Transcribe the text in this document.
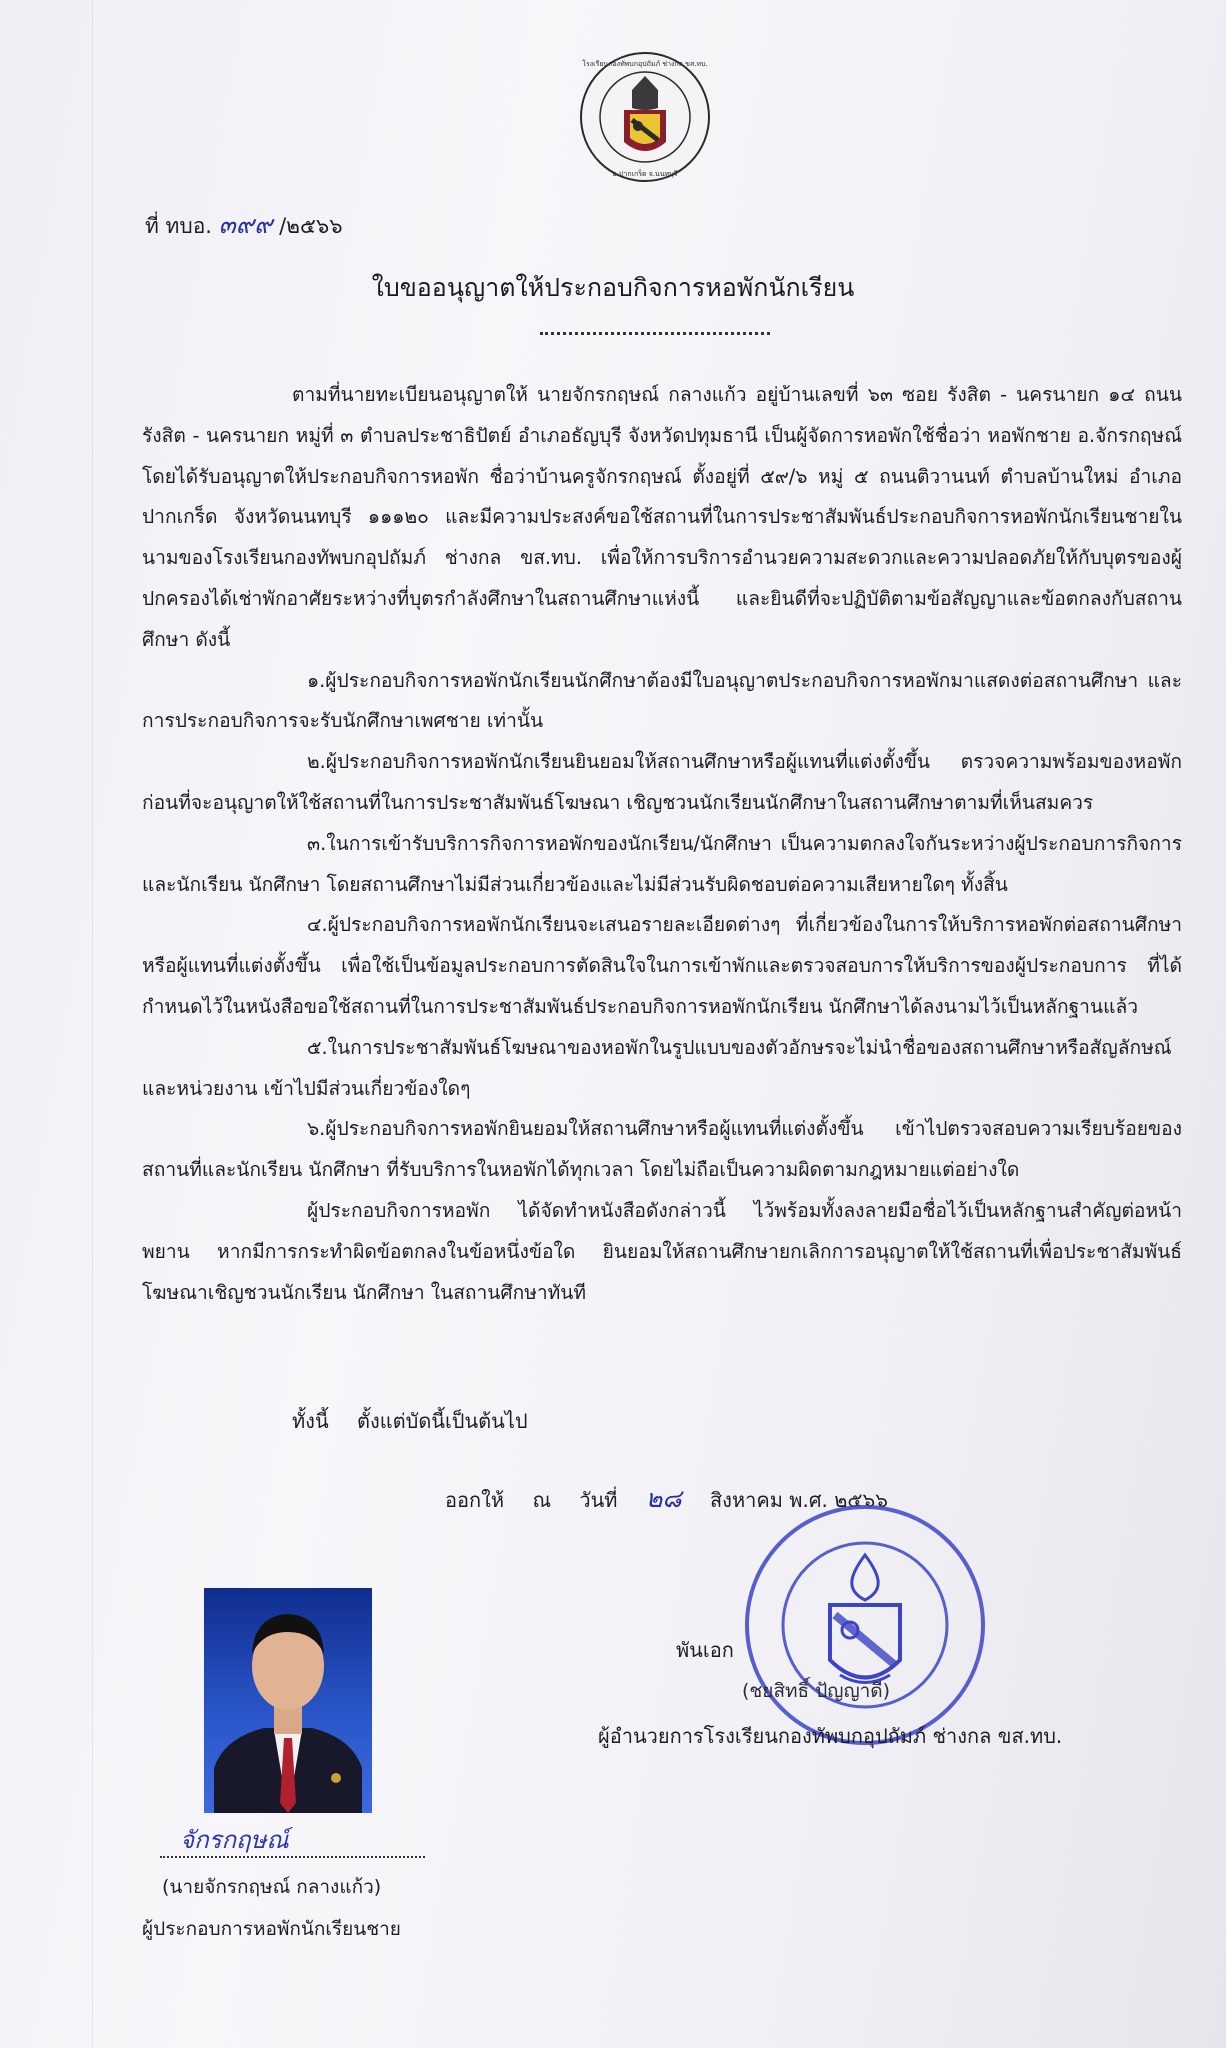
โรงเรียนกองทัพบกอุปถัมภ์ ช่างกล ขส.ทบ.
อ.ปากเกร็ด จ.นนทบุรี
ที่ ทบอ. ๓๙๙ /๒๕๖๖
ใบขออนุญาตให้ประกอบกิจการหอพักนักเรียน

ตามที่นายทะเบียนอนุญาตให้ นายจักรกฤษณ์ กลางแก้ว อยู่บ้านเลขที่ ๖๓ ซอย รังสิต - นครนายก ๑๔ ถนน รังสิต - นครนายก หมู่ที่ ๓ ตำบลประชาธิปัตย์ อำเภอธัญบุรี จังหวัดปทุมธานี เป็นผู้จัดการหอพักใช้ชื่อว่า หอพักชาย อ.จักรกฤษณ์ โดยได้รับอนุญาตให้ประกอบกิจการหอพัก ชื่อว่าบ้านครูจักรกฤษณ์ ตั้งอยู่ที่ ๕๙/๖ หมู่ ๕ ถนนติวานนท์ ตำบลบ้านใหม่ อำเภอปากเกร็ด จังหวัดนนทบุรี ๑๑๑๒๐ และมีความประสงค์ขอใช้สถานที่ในการประชาสัมพันธ์ประกอบกิจการหอพักนักเรียนชายในนามของโรงเรียนกองทัพบกอุปถัมภ์ ช่างกล ขส.ทบ. เพื่อให้การบริการอำนวยความสะดวกและความปลอดภัยให้กับบุตรของผู้ปกครองได้เช่าพักอาศัยระหว่างที่บุตรกำลังศึกษาในสถานศึกษาแห่งนี้ และยินดีที่จะปฏิบัติตามข้อสัญญาและข้อตกลงกับสถานศึกษา ดังนี้

๑.ผู้ประกอบกิจการหอพักนักเรียนนักศึกษาต้องมีใบอนุญาตประกอบกิจการหอพักมาแสดงต่อสถานศึกษา และการประกอบกิจการจะรับนักศึกษาเพศชาย เท่านั้น

๒.ผู้ประกอบกิจการหอพักนักเรียนยินยอมให้สถานศึกษาหรือผู้แทนที่แต่งตั้งขึ้น ตรวจความพร้อมของหอพักก่อนที่จะอนุญาตให้ใช้สถานที่ในการประชาสัมพันธ์โฆษณา เชิญชวนนักเรียนนักศึกษาในสถานศึกษาตามที่เห็นสมควร

๓.ในการเข้ารับบริการกิจการหอพักของนักเรียน/นักศึกษา เป็นความตกลงใจกันระหว่างผู้ประกอบการกิจการและนักเรียน นักศึกษา โดยสถานศึกษาไม่มีส่วนเกี่ยวข้องและไม่มีส่วนรับผิดชอบต่อความเสียหายใดๆ ทั้งสิ้น

๔.ผู้ประกอบกิจการหอพักนักเรียนจะเสนอรายละเอียดต่างๆ ที่เกี่ยวข้องในการให้บริการหอพักต่อสถานศึกษาหรือผู้แทนที่แต่งตั้งขึ้น เพื่อใช้เป็นข้อมูลประกอบการตัดสินใจในการเข้าพักและตรวจสอบการให้บริการของผู้ประกอบการ ที่ได้กำหนดไว้ในหนังสือขอใช้สถานที่ในการประชาสัมพันธ์ประกอบกิจการหอพักนักเรียน นักศึกษาได้ลงนามไว้เป็นหลักฐานแล้ว

๕.ในการประชาสัมพันธ์โฆษณาของหอพักในรูปแบบของตัวอักษรจะไม่นำชื่อของสถานศึกษาหรือสัญลักษณ์และหน่วยงาน เข้าไปมีส่วนเกี่ยวข้องใดๆ

๖.ผู้ประกอบกิจการหอพักยินยอมให้สถานศึกษาหรือผู้แทนที่แต่งตั้งขึ้น เข้าไปตรวจสอบความเรียบร้อยของสถานที่และนักเรียน นักศึกษา ที่รับบริการในหอพักได้ทุกเวลา โดยไม่ถือเป็นความผิดตามกฎหมายแต่อย่างใด

ผู้ประกอบกิจการหอพัก ได้จัดทำหนังสือดังกล่าวนี้ ไว้พร้อมทั้งลงลายมือชื่อไว้เป็นหลักฐานสำคัญต่อหน้าพยาน หากมีการกระทำผิดข้อตกลงในข้อหนึ่งข้อใด ยินยอมให้สถานศึกษายกเลิกการอนุญาตให้ใช้สถานที่เพื่อประชาสัมพันธ์โฆษณาเชิญชวนนักเรียน นักศึกษา ในสถานศึกษาทันที

ทั้งนี้ ตั้งแต่บัดนี้เป็นต้นไป
ออกให้ ณ วันที่ ๒๘ สิงหาคม พ.ศ. ๒๕๖๖
พันเอก
(ชยสิทธิ์ ปัญญาดี)
ผู้อำนวยการโรงเรียนกองทัพบกอุปถัมภ์ ช่างกล ขส.ทบ.
จักรกฤษณ์
(นายจักรกฤษณ์ กลางแก้ว)
ผู้ประกอบการหอพักนักเรียนชาย
